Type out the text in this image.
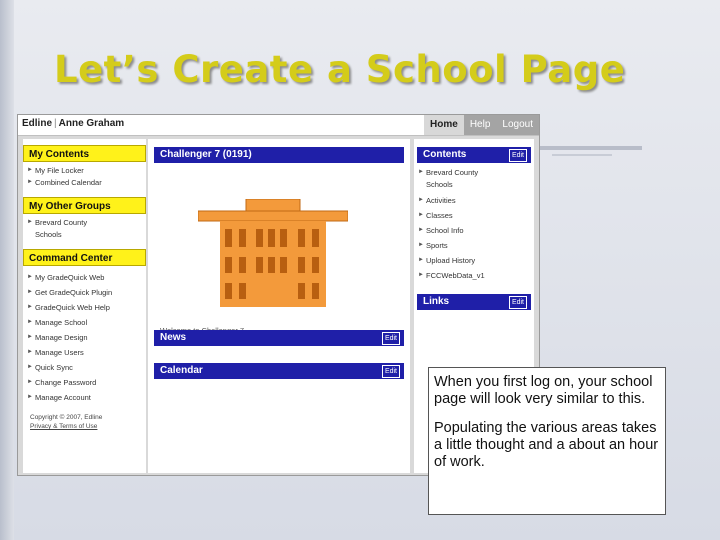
Let’s Create a School Page
Edline | Anne Graham	Home	Help	Logout
My Contents
► My File Locker
► Combined Calendar
My Other Groups
► Brevard County Schools
Command Center
► My GradeQuick Web
► Get GradeQuick Plugin
► GradeQuick Web Help
► Manage School
► Manage Design
► Manage Users
► Quick Sync
► Change Password
► Manage Account
Copyright © 2007, Edline
Privacy & Terms of Use
Challenger 7 (0191)
News	Edit
Calendar	Edit
Contents	Edit
► Brevard County Schools
► Activities
► Classes
► School Info
► Sports
► Upload History
► FCCWebData_v1
Links	Edit

When you first log on, your school page will look very similar to this.

Populating the various areas takes a little thought and a about an hour of work.
